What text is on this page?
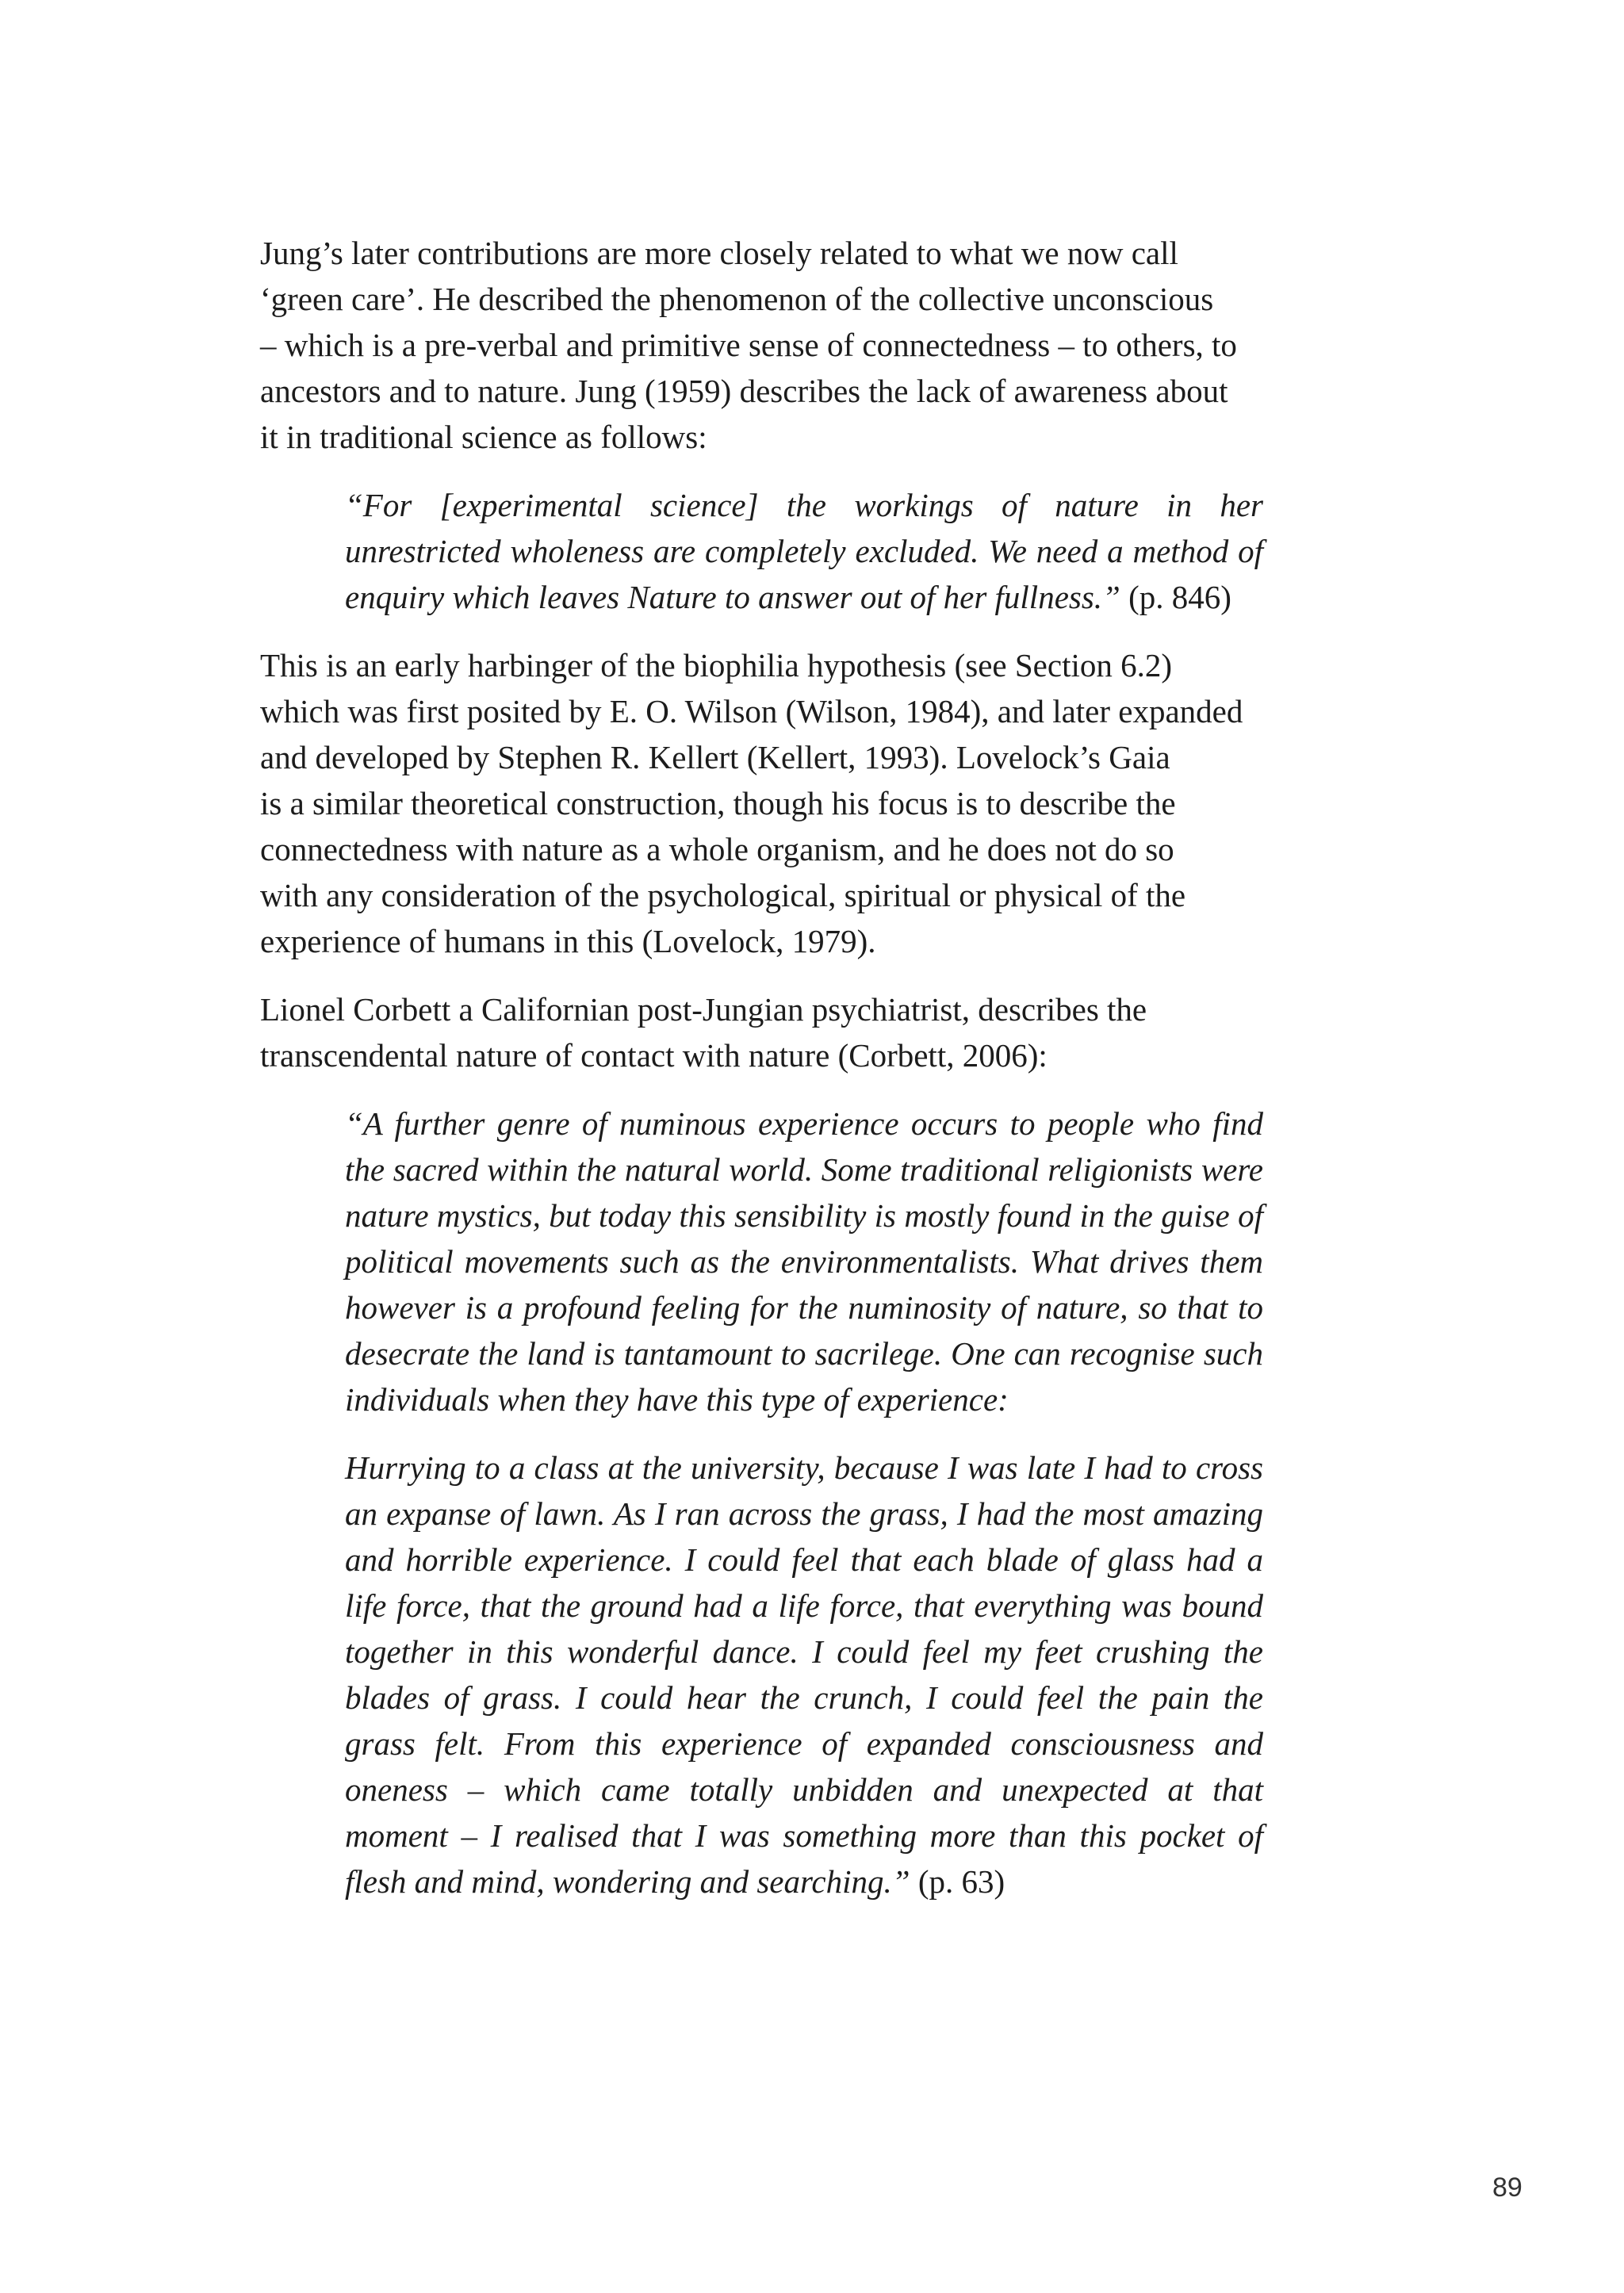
Jung’s later contributions are more closely related to what we now call
‘green care’. He described the phenomenon of the collective unconscious
– which is a pre-verbal and primitive sense of connectedness – to others, to
ancestors and to nature. Jung (1959) describes the lack of awareness about
it in traditional science as follows:

“For [experimental science] the workings of nature in her unrestricted wholeness are completely excluded. We need a method of enquiry which leaves Nature to answer out of her fullness.” (p. 846)

This is an early harbinger of the biophilia hypothesis (see Section 6.2)
which was first posited by E. O. Wilson (Wilson, 1984), and later expanded
and developed by Stephen R. Kellert (Kellert, 1993). Lovelock’s Gaia
is a similar theoretical construction, though his focus is to describe the
connectedness with nature as a whole organism, and he does not do so
with any consideration of the psychological, spiritual or physical of the
experience of humans in this (Lovelock, 1979).

Lionel Corbett a Californian post-Jungian psychiatrist, describes the
transcendental nature of contact with nature (Corbett, 2006):

“A further genre of numinous experience occurs to people who find the sacred within the natural world. Some traditional religionists were nature mystics, but today this sensibility is mostly found in the guise of political movements such as the environmentalists. What drives them however is a profound feeling for the numinosity of nature, so that to desecrate the land is tantamount to sacrilege. One can recognise such individuals when they have this type of experience:

Hurrying to a class at the university, because I was late I had to cross an expanse of lawn. As I ran across the grass, I had the most amazing and horrible experience. I could feel that each blade of glass had a life force, that the ground had a life force, that everything was bound together in this wonderful dance. I could feel my feet crushing the blades of grass. I could hear the crunch, I could feel the pain the grass felt. From this experience of expanded consciousness and oneness – which came totally unbidden and unexpected at that moment – I realised that I was something more than this pocket of flesh and mind, wondering and searching.” (p. 63)

89
